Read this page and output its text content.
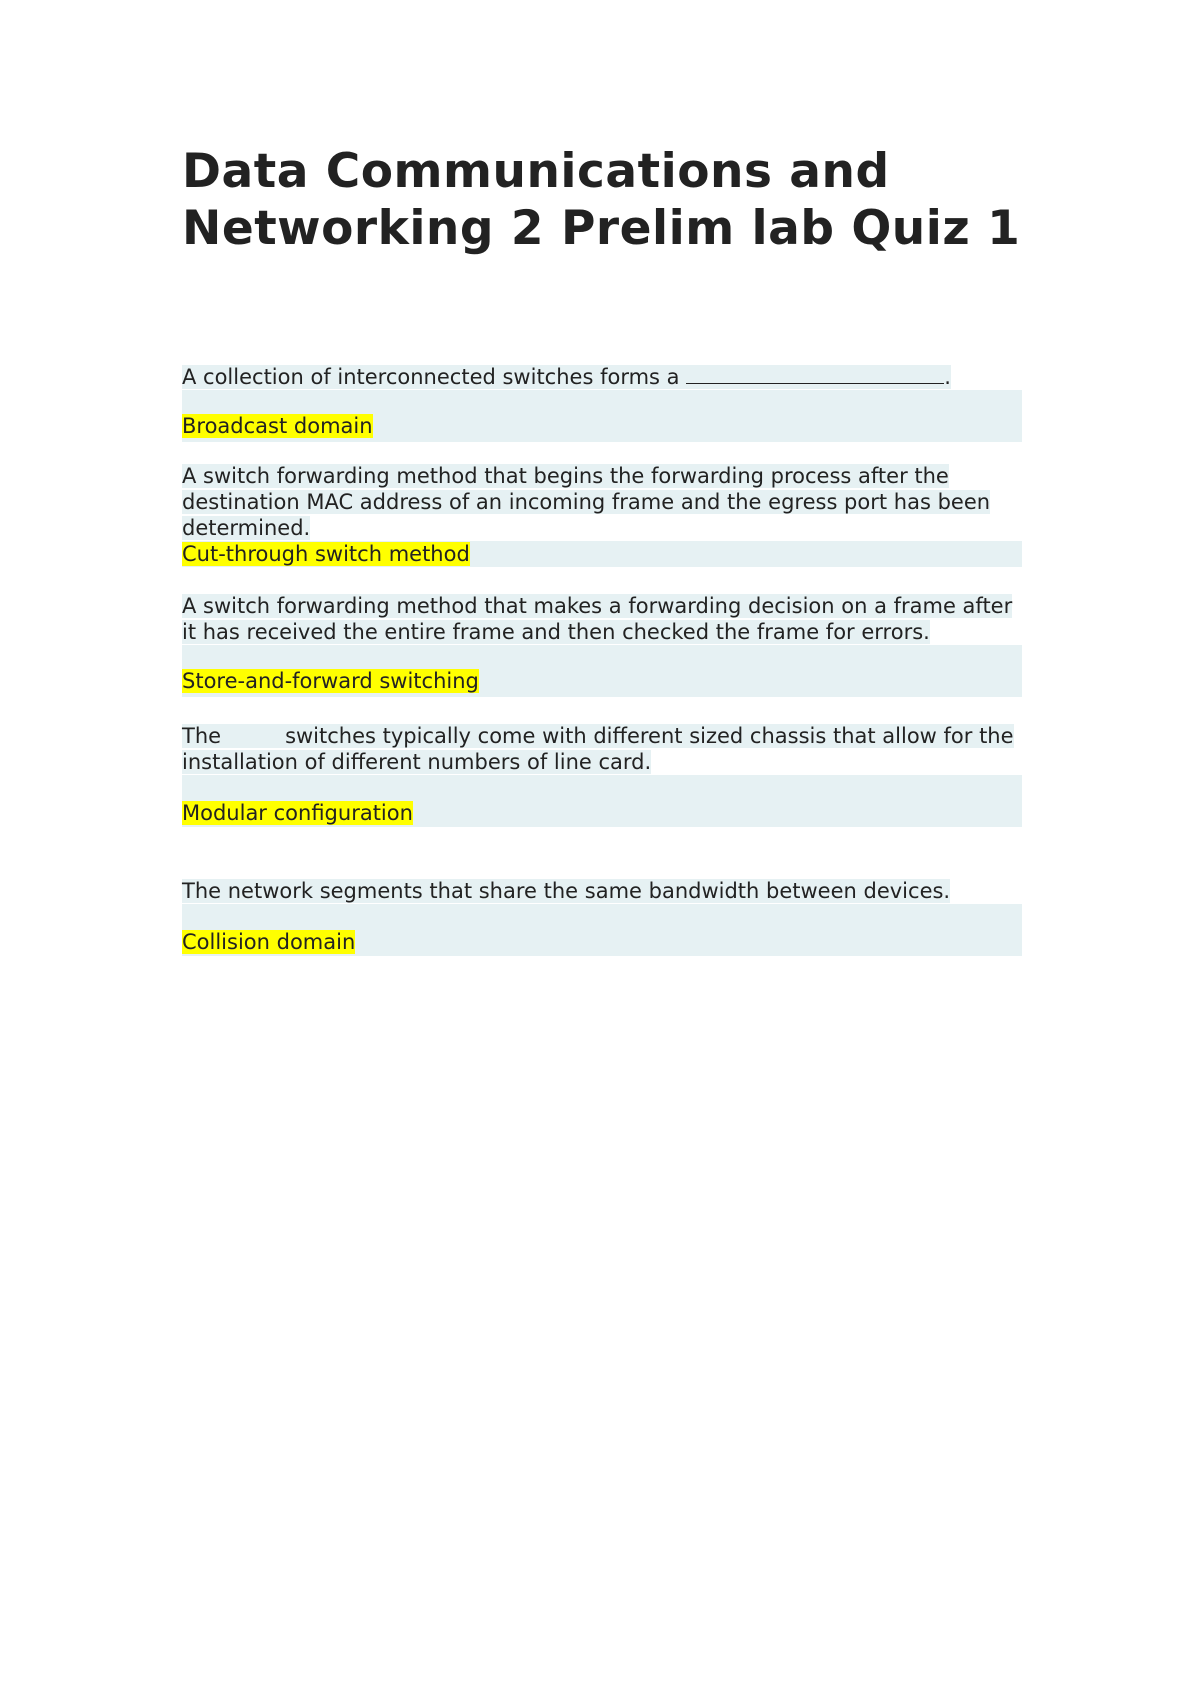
Data Communications and Networking 2 Prelim lab Quiz 1
A collection of interconnected switches forms a	.
Broadcast domain
A switch forwarding method that begins the forwarding process after the destination MAC address of an incoming frame and the egress port has been determined.
Cut-through switch method
A switch forwarding method that makes a forwarding decision on a frame after it has received the entire frame and then checked the frame for errors.
Store-and-forward switching
The	switches typically come with different sized chassis that allow for the installation of different numbers of line card.
Modular configuration
The network segments that share the same bandwidth between devices.
Collision domain
